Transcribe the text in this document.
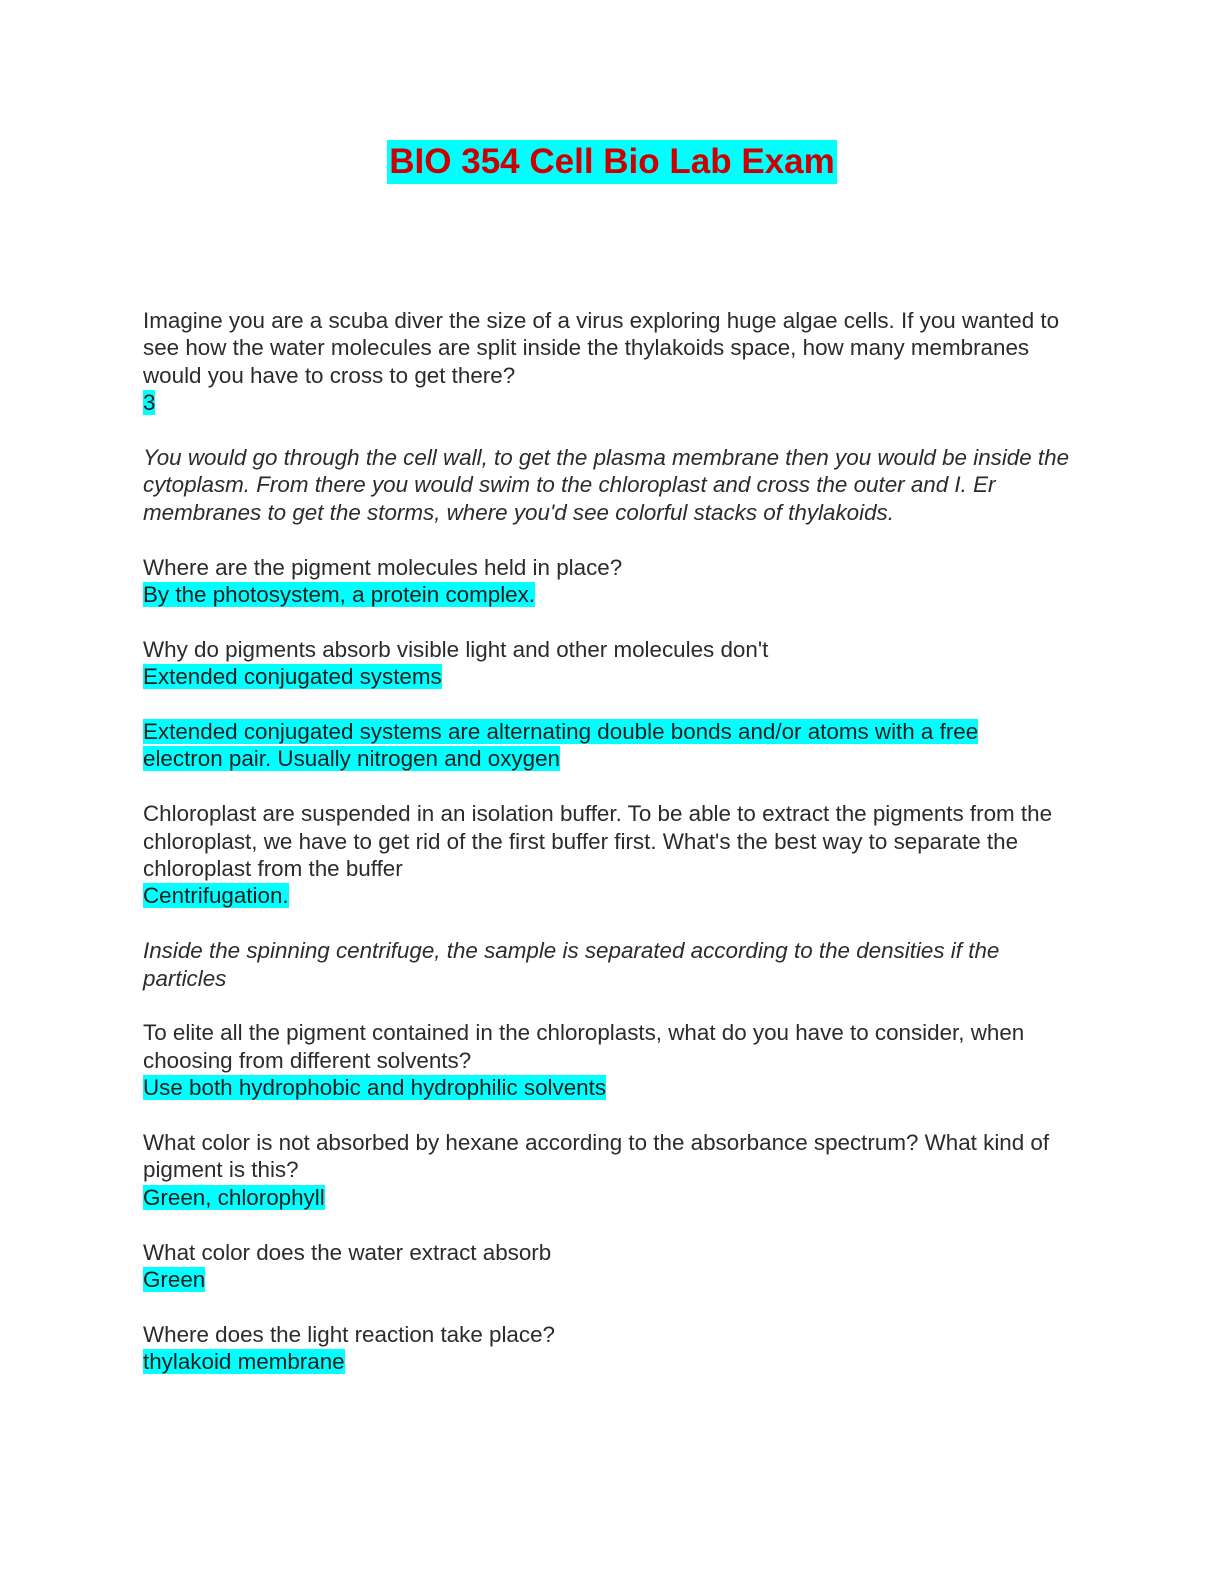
BIO 354 Cell Bio Lab Exam
Imagine you are a scuba diver the size of a virus exploring huge algae cells. If you wanted to see how the water molecules are split inside the thylakoids space, how many membranes would you have to cross to get there?
3
You would go through the cell wall, to get the plasma membrane then you would be inside the cytoplasm. From there you would swim to the chloroplast and cross the outer and I. Er membranes to get the storms, where you'd see colorful stacks of thylakoids.
Where are the pigment molecules held in place?
By the photosystem, a protein complex.
Why do pigments absorb visible light and other molecules don't
Extended conjugated systems
Extended conjugated systems are alternating double bonds and/or atoms with a free
electron pair. Usually nitrogen and oxygen
Chloroplast are suspended in an isolation buffer. To be able to extract the pigments from the chloroplast, we have to get rid of the first buffer first. What's the best way to separate the chloroplast from the buffer
Centrifugation.
Inside the spinning centrifuge, the sample is separated according to the densities if the particles
To elite all the pigment contained in the chloroplasts, what do you have to consider, when choosing from different solvents?
Use both hydrophobic and hydrophilic solvents
What color is not absorbed by hexane according to the absorbance spectrum? What kind of pigment is this?
Green, chlorophyll
What color does the water extract absorb
Green
Where does the light reaction take place?
thylakoid membrane
